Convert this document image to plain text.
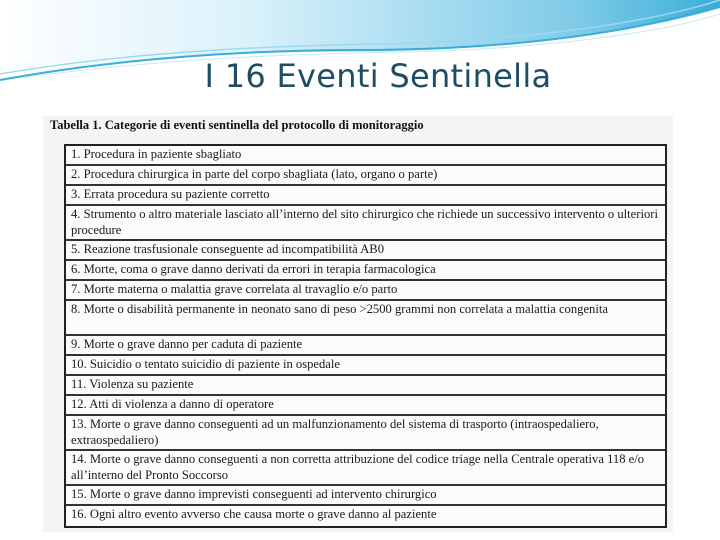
I 16 Eventi Sentinella
Tabella 1. Categorie di eventi sentinella del protocollo di monitoraggio
1. Procedura in paziente sbagliato
2. Procedura chirurgica in parte del corpo sbagliata (lato, organo o parte)
3. Errata procedura su paziente corretto
4. Strumento o altro materiale lasciato all’interno del sito chirurgico che richiede un successivo intervento o ulteriori procedure
5. Reazione trasfusionale conseguente ad incompatibilità AB0
6. Morte, coma o grave danno derivati da errori in terapia farmacologica
7. Morte materna o malattia grave correlata al travaglio e/o parto
8. Morte o disabilità permanente in neonato sano di peso >2500 grammi non correlata a malattia congenita
9. Morte o grave danno per caduta di paziente
10. Suicidio o tentato suicidio di paziente in ospedale
11. Violenza su paziente
12. Atti di violenza a danno di operatore
13. Morte o grave danno conseguenti ad un malfunzionamento del sistema di trasporto (intraospedaliero, extraospedaliero)
14. Morte o grave danno conseguenti a non corretta attribuzione del codice triage nella Centrale operativa 118 e/o all’interno del Pronto Soccorso
15. Morte o grave danno imprevisti conseguenti ad intervento chirurgico
16. Ogni altro evento avverso che causa morte o grave danno al paziente
